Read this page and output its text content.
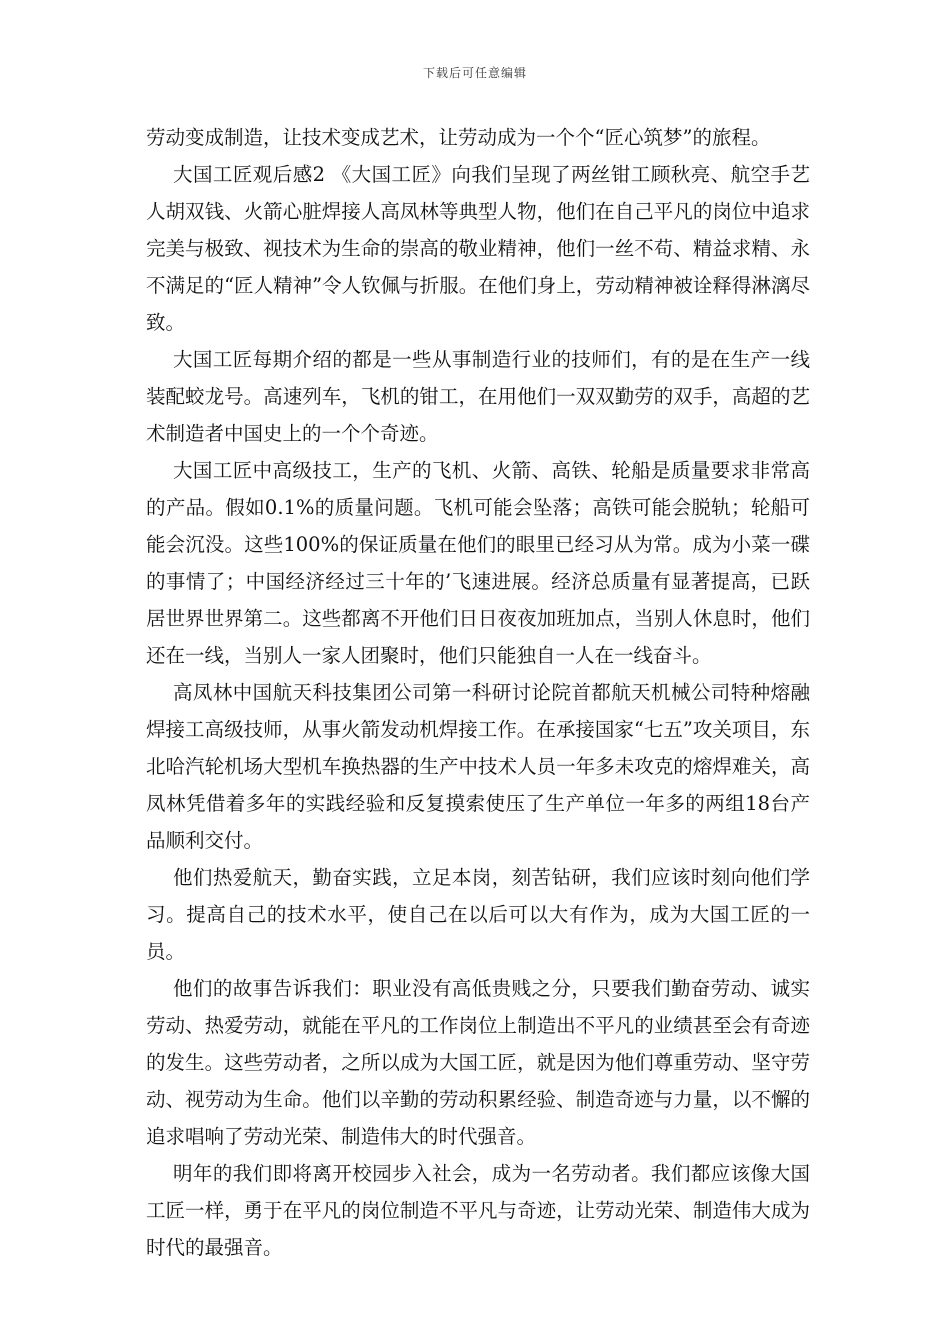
下载后可任意编辑

劳动变成制造，让技术变成艺术，让劳动成为一个个“匠心筑梦”的旅程。

大国工匠观后感2 《大国工匠》向我们呈现了两丝钳工顾秋亮、航空手艺人胡双钱、火箭心脏焊接人高凤林等典型人物，他们在自己平凡的岗位中追求完美与极致、视技术为生命的崇高的敬业精神，他们一丝不苟、精益求精、永不满足的“匠人精神”令人钦佩与折服。在他们身上，劳动精神被诠释得淋漓尽致。

大国工匠每期介绍的都是一些从事制造行业的技师们，有的是在生产一线装配蛟龙号。高速列车，飞机的钳工，在用他们一双双勤劳的双手，高超的艺术制造者中国史上的一个个奇迹。

大国工匠中高级技工，生产的飞机、火箭、高铁、轮船是质量要求非常高的产品。假如0.1%的质量问题。飞机可能会坠落；高铁可能会脱轨；轮船可能会沉没。这些100%的保证质量在他们的眼里已经习从为常。成为小菜一碟的事情了；中国经济经过三十年的’飞速进展。经济总质量有显著提高，已跃居世界世界第二。这些都离不开他们日日夜夜加班加点，当别人休息时，他们还在一线，当别人一家人团聚时，他们只能独自一人在一线奋斗。

高凤林中国航天科技集团公司第一科研讨论院首都航天机械公司特种熔融焊接工高级技师，从事火箭发动机焊接工作。在承接国家“七五”攻关项目，东北哈汽轮机场大型机车换热器的生产中技术人员一年多未攻克的熔焊难关，高凤林凭借着多年的实践经验和反复摸索使压了生产单位一年多的两组18台产品顺利交付。

他们热爱航天，勤奋实践，立足本岗，刻苦钻研，我们应该时刻向他们学习。提高自己的技术水平，使自己在以后可以大有作为，成为大国工匠的一员。

他们的故事告诉我们：职业没有高低贵贱之分，只要我们勤奋劳动、诚实劳动、热爱劳动，就能在平凡的工作岗位上制造出不平凡的业绩甚至会有奇迹的发生。这些劳动者，之所以成为大国工匠，就是因为他们尊重劳动、坚守劳动、视劳动为生命。他们以辛勤的劳动积累经验、制造奇迹与力量，以不懈的追求唱响了劳动光荣、制造伟大的时代强音。

明年的我们即将离开校园步入社会，成为一名劳动者。我们都应该像大国工匠一样，勇于在平凡的岗位制造不平凡与奇迹，让劳动光荣、制造伟大成为时代的最强音。
